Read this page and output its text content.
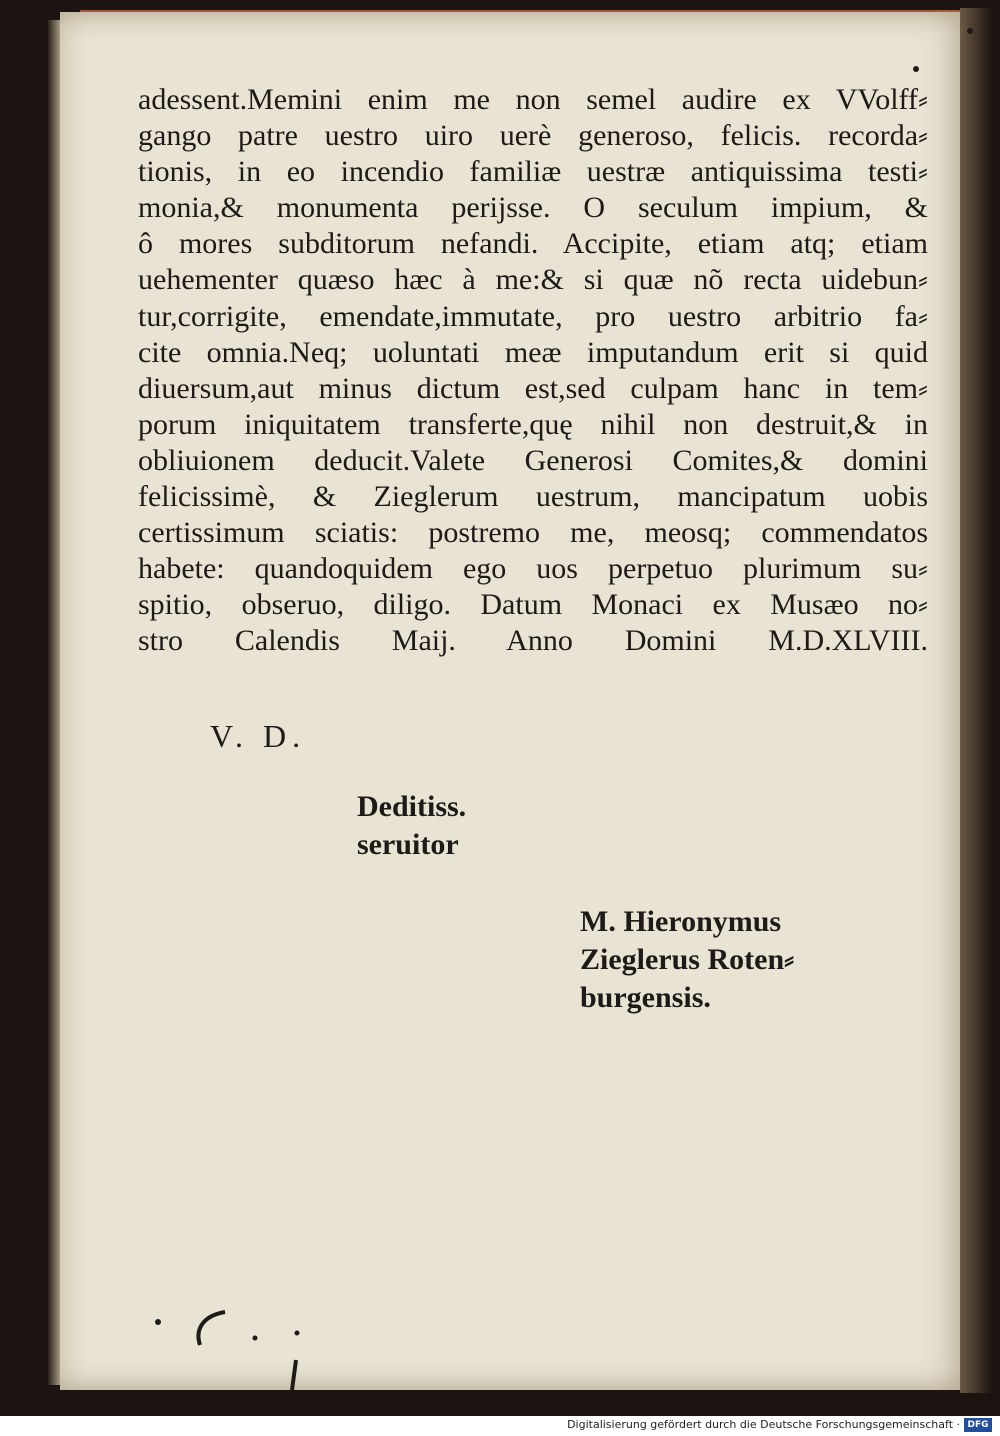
adessent.Memini enim me non semel audire ex VVolff⸗
gango patre uestro uiro uerè generoso, felicis. recorda⸗
tionis, in eo incendio familiæ uestræ antiquissima testi⸗
monia,& monumenta perijsse. O seculum impium, &
ô mores subditorum nefandi. Accipite, etiam atq; etiam
uehementer quæso hæc à me:& si quæ nõ recta uidebun⸗
tur,corrigite, emendate,immutate, pro uestro arbitrio fa⸗
cite omnia.Neq; uoluntati meæ imputandum erit si quid
diuersum,aut minus dictum est,sed culpam hanc in tem⸗
porum iniquitatem transferte,quę nihil non destruit,& in
obliuionem deducit.Valete Generosi Comites,& domini
felicissimè, & Zieglerum uestrum, mancipatum uobis
certissimum sciatis: postremo me, meosq; commendatos
habete: quandoquidem ego uos perpetuo plurimum su⸗
spitio, obseruo, diligo. Datum Monaci ex Musæo no⸗
stro Calendis Maij. Anno Domini M.D.XLVIII.
V. D.
Deditiss.
seruitor
M. Hieronymus
Zieglerus Roten⸗
burgensis.
Digitalisierung gefördert durch die Deutsche Forschungsgemeinschaft · DFG
